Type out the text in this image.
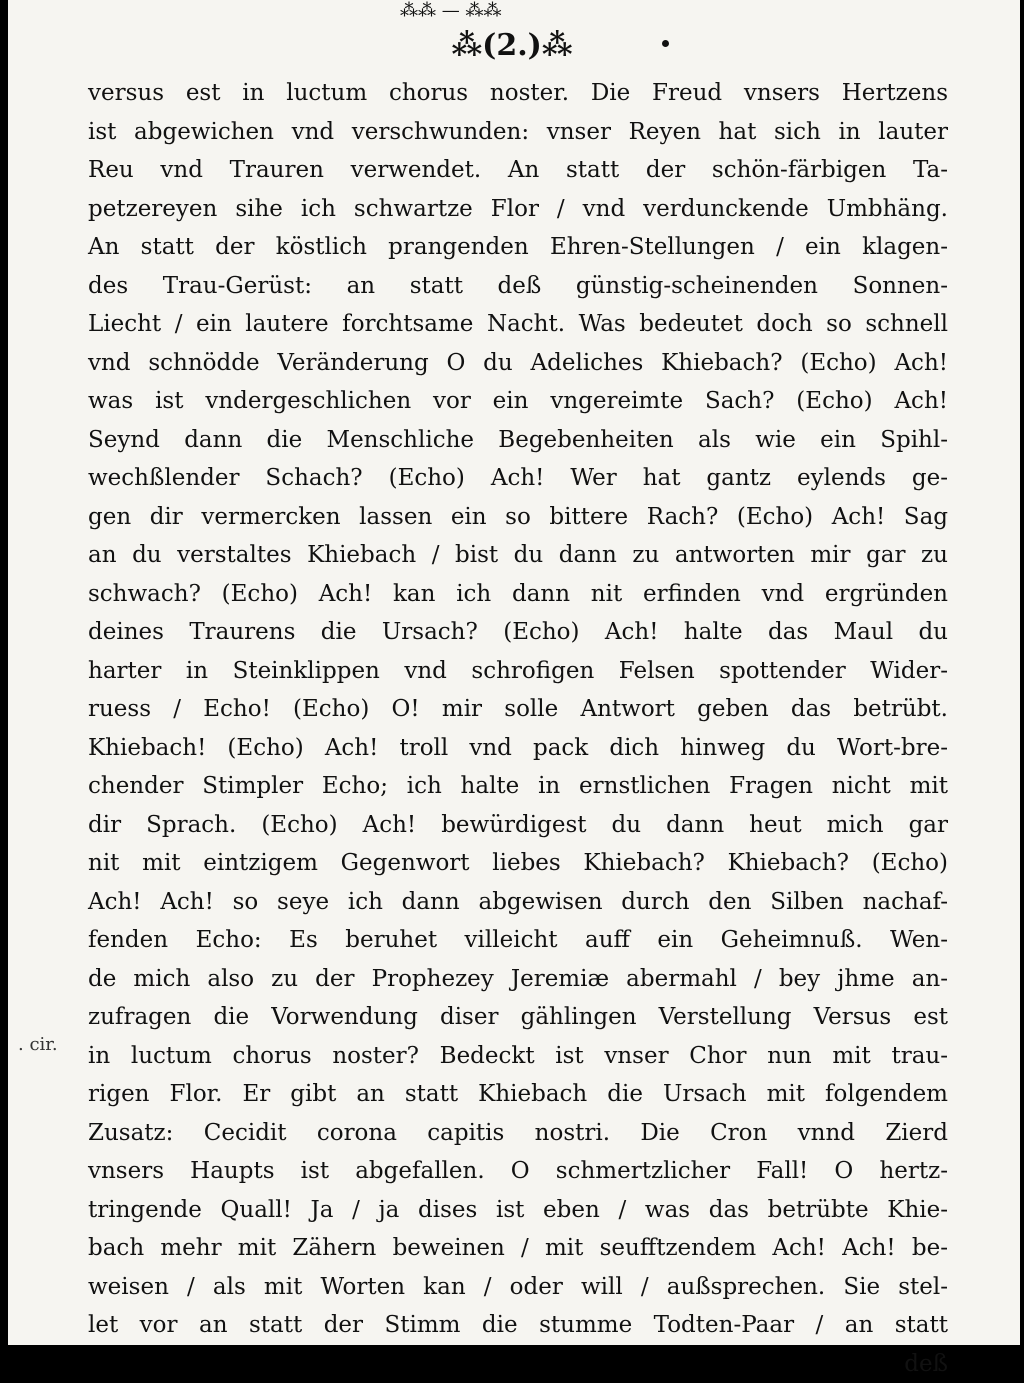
⁂⁂ — ⁂⁂
⁂(2.)⁂
. cir.
versus est in luctum chorus noster. Die Freud vnsers Hertzens
ist abgewichen vnd verschwunden: vnser Reyen hat sich in lauter
Reu vnd Trauren verwendet. An statt der schön-färbigen Ta-
petzereyen sihe ich schwartze Flor / vnd verdunckende Umbhäng.
An statt der köstlich prangenden Ehren-Stellungen / ein klagen-
des Trau-Gerüst: an statt deß günstig-scheinenden Sonnen-
Liecht / ein lautere forchtsame Nacht. Was bedeutet doch so schnell
vnd schnödde Veränderung O du Adeliches Khiebach? (Echo) Ach!
was ist vndergeschlichen vor ein vngereimte Sach? (Echo) Ach!
Seynd dann die Menschliche Begebenheiten als wie ein Spihl-
wechßlender Schach? (Echo) Ach! Wer hat gantz eylends ge-
gen dir vermercken lassen ein so bittere Rach? (Echo) Ach! Sag
an du verstaltes Khiebach / bist du dann zu antworten mir gar zu
schwach? (Echo) Ach! kan ich dann nit erfinden vnd ergründen
deines Traurens die Ursach? (Echo) Ach! halte das Maul du
harter in Steinklippen vnd schrofigen Felsen spottender Wider-
ruess / Echo! (Echo) O! mir solle Antwort geben das betrübt.
Khiebach! (Echo) Ach! troll vnd pack dich hinweg du Wort-bre-
chender Stimpler Echo; ich halte in ernstlichen Fragen nicht mit
dir Sprach. (Echo) Ach! bewürdigest du dann heut mich gar
nit mit eintzigem Gegenwort liebes Khiebach? Khiebach? (Echo)
Ach! Ach! so seye ich dann abgewisen durch den Silben nachaf-
fenden Echo: Es beruhet villeicht auff ein Geheimnuß. Wen-
de mich also zu der Prophezey Jeremiæ abermahl / bey jhme an-
zufragen die Vorwendung diser gählingen Verstellung Versus est
in luctum chorus noster? Bedeckt ist vnser Chor nun mit trau-
rigen Flor. Er gibt an statt Khiebach die Ursach mit folgendem
Zusatz: Cecidit corona capitis nostri. Die Cron vnnd Zierd
vnsers Haupts ist abgefallen. O schmertzlicher Fall! O hertz-
tringende Quall! Ja / ja dises ist eben / was das betrübte Khie-
bach mehr mit Zähern beweinen / mit seufftzendem Ach! Ach! be-
weisen / als mit Worten kan / oder will / außsprechen. Sie stel-
let vor an statt der Stimm die stumme Todten-Paar / an statt
deß
